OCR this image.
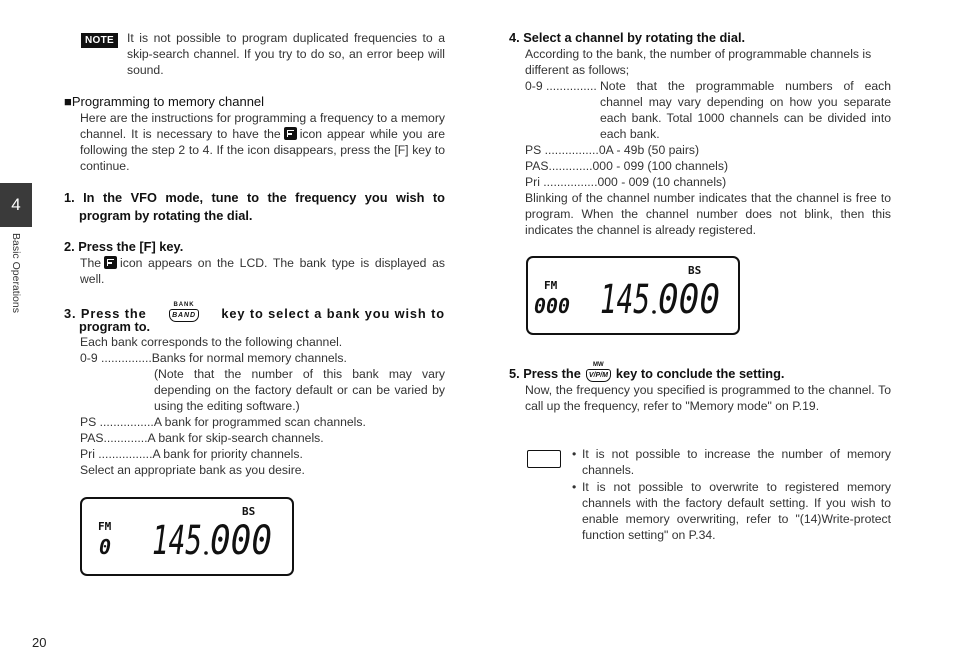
4
Basic Operations
20
NOTE	It is not possible to program duplicated frequencies to a skip-search channel. If you try to do so, an error beep will sound.
■Programming to memory channel
Here are the instructions for programming a frequency to a memory channel. It is necessary to have the icon appear while you are following the step 2 to 4. If the icon disappears, press the [F] key to continue.
1. In the VFO mode, tune to the frequency you wish to program by rotating the dial.
2. Press the [F] key.
The icon appears on the LCD. The bank type is displayed as well.
3. Press the
BANK
BAND key to select a bank you wish to
program to.
Each bank corresponds to the following channel.
0-9 ...............Banks for normal memory channels.
(Note that the number of this bank may vary depending on the factory default or can be varied by using the editing software.)
PS ................A bank for programmed scan channels.
PAS.............A bank for skip-search channels.
Pri ................A bank for priority channels.
Select an appropriate bank as you desire.
FM
BS
0 145 000
4. Select a channel by rotating the dial.
According to the bank, the number of programmable channels is different as follows;
0-9 ............... Note that the programmable numbers of each channel may vary depending on how you separate each bank. Total 1000 channels can be divided into each bank.
PS ................0A - 49b (50 pairs)
PAS.............000 - 099 (100 channels)
Pri ................000 - 009 (10 channels)
Blinking of the channel number indicates that the channel is free to program. When the channel number does not blink, then this indicates the channel is already registered.
FM
BS
000 145 000
5. Press the
MW
V/P/M key to conclude the setting.
Now, the frequency you specified is programmed to the channel. To call up the frequency, refer to "Memory mode" on P.19.
• It is not possible to increase the number of memory channels.
• It is not possible to overwrite to registered memory channels with the factory default setting. If you wish to enable memory overwriting, refer to "(14)Write-protect function setting" on P.34.
